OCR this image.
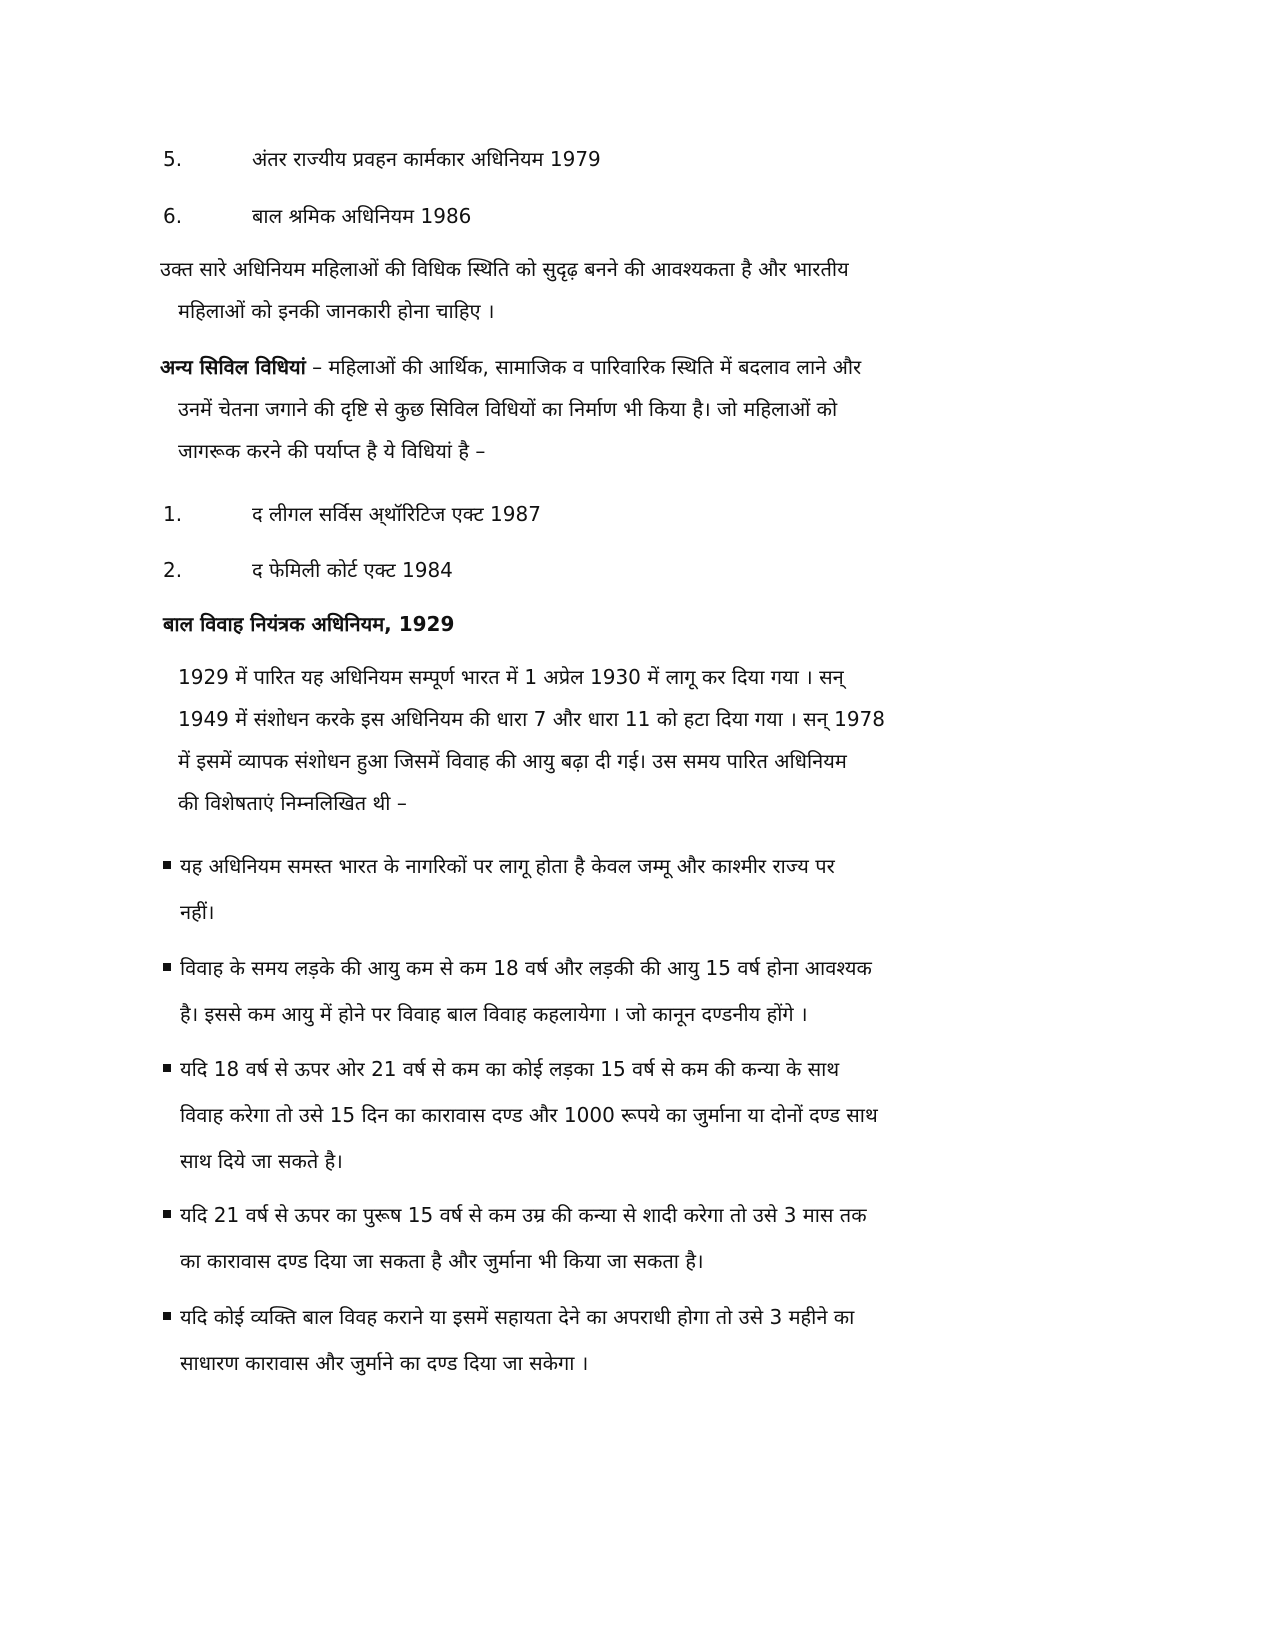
5.	अंतर राज्यीय प्रवहन कार्मकार अधिनियम 1979
6.	बाल श्रमिक अधिनियम 1986
उक्त सारे अधिनियम महिलाओं की विधिक स्थिति को सुदृढ़ बनने की आवश्यकता है और भारतीय
महिलाओं को इनकी जानकारी होना चाहिए ।
अन्य सिविल विधियां – महिलाओं की आर्थिक, सामाजिक व पारिवारिक स्थिति में बदलाव लाने और
उनमें चेतना जगाने की दृष्टि से कुछ सिविल विधियों का निर्माण भी किया है। जो महिलाओं को
जागरूक करने की पर्याप्त है ये विधियां है –
1.	द लीगल सर्विस अ्थॉरिटिज एक्ट 1987
2.	द फेमिली कोर्ट एक्ट 1984
बाल विवाह नियंत्रक अधिनियम, 1929
1929 में पारित यह अधिनियम सम्पूर्ण भारत में 1 अप्रेल 1930 में लागू कर दिया गया । सन्
1949 में संशोधन करके इस अधिनियम की धारा 7 और धारा 11 को हटा दिया गया । सन् 1978
में इसमें व्यापक संशोधन हुआ जिसमें विवाह की आयु बढ़ा दी गई। उस समय पारित अधिनियम
की विशेषताएं निम्नलिखित थी –
यह अधिनियम समस्त भारत के नागरिकों पर लागू होता है केवल जम्मू और काश्मीर राज्य पर
नहीं।
विवाह के समय लड़के की आयु कम से कम 18 वर्ष और लड़की की आयु 15 वर्ष होना आवश्यक
है। इससे कम आयु में होने पर विवाह बाल विवाह कहलायेगा । जो कानून दण्डनीय होंगे ।
यदि 18 वर्ष से ऊपर ओर 21 वर्ष से कम का कोई लड़का 15 वर्ष से कम की कन्या के साथ
विवाह करेगा तो उसे 15 दिन का कारावास दण्ड और 1000 रूपये का जुर्माना या दोनों दण्ड साथ
साथ दिये जा सकते है।
यदि 21 वर्ष से ऊपर का पुरूष 15 वर्ष से कम उम्र की कन्या से शादी करेगा तो उसे 3 मास तक
का कारावास दण्ड दिया जा सकता है और जुर्माना भी किया जा सकता है।
यदि कोई व्यक्ति बाल विवह कराने या इसमें सहायता देने का अपराधी होगा तो उसे 3 महीने का
साधारण कारावास और जुर्माने का दण्ड दिया जा सकेगा ।
